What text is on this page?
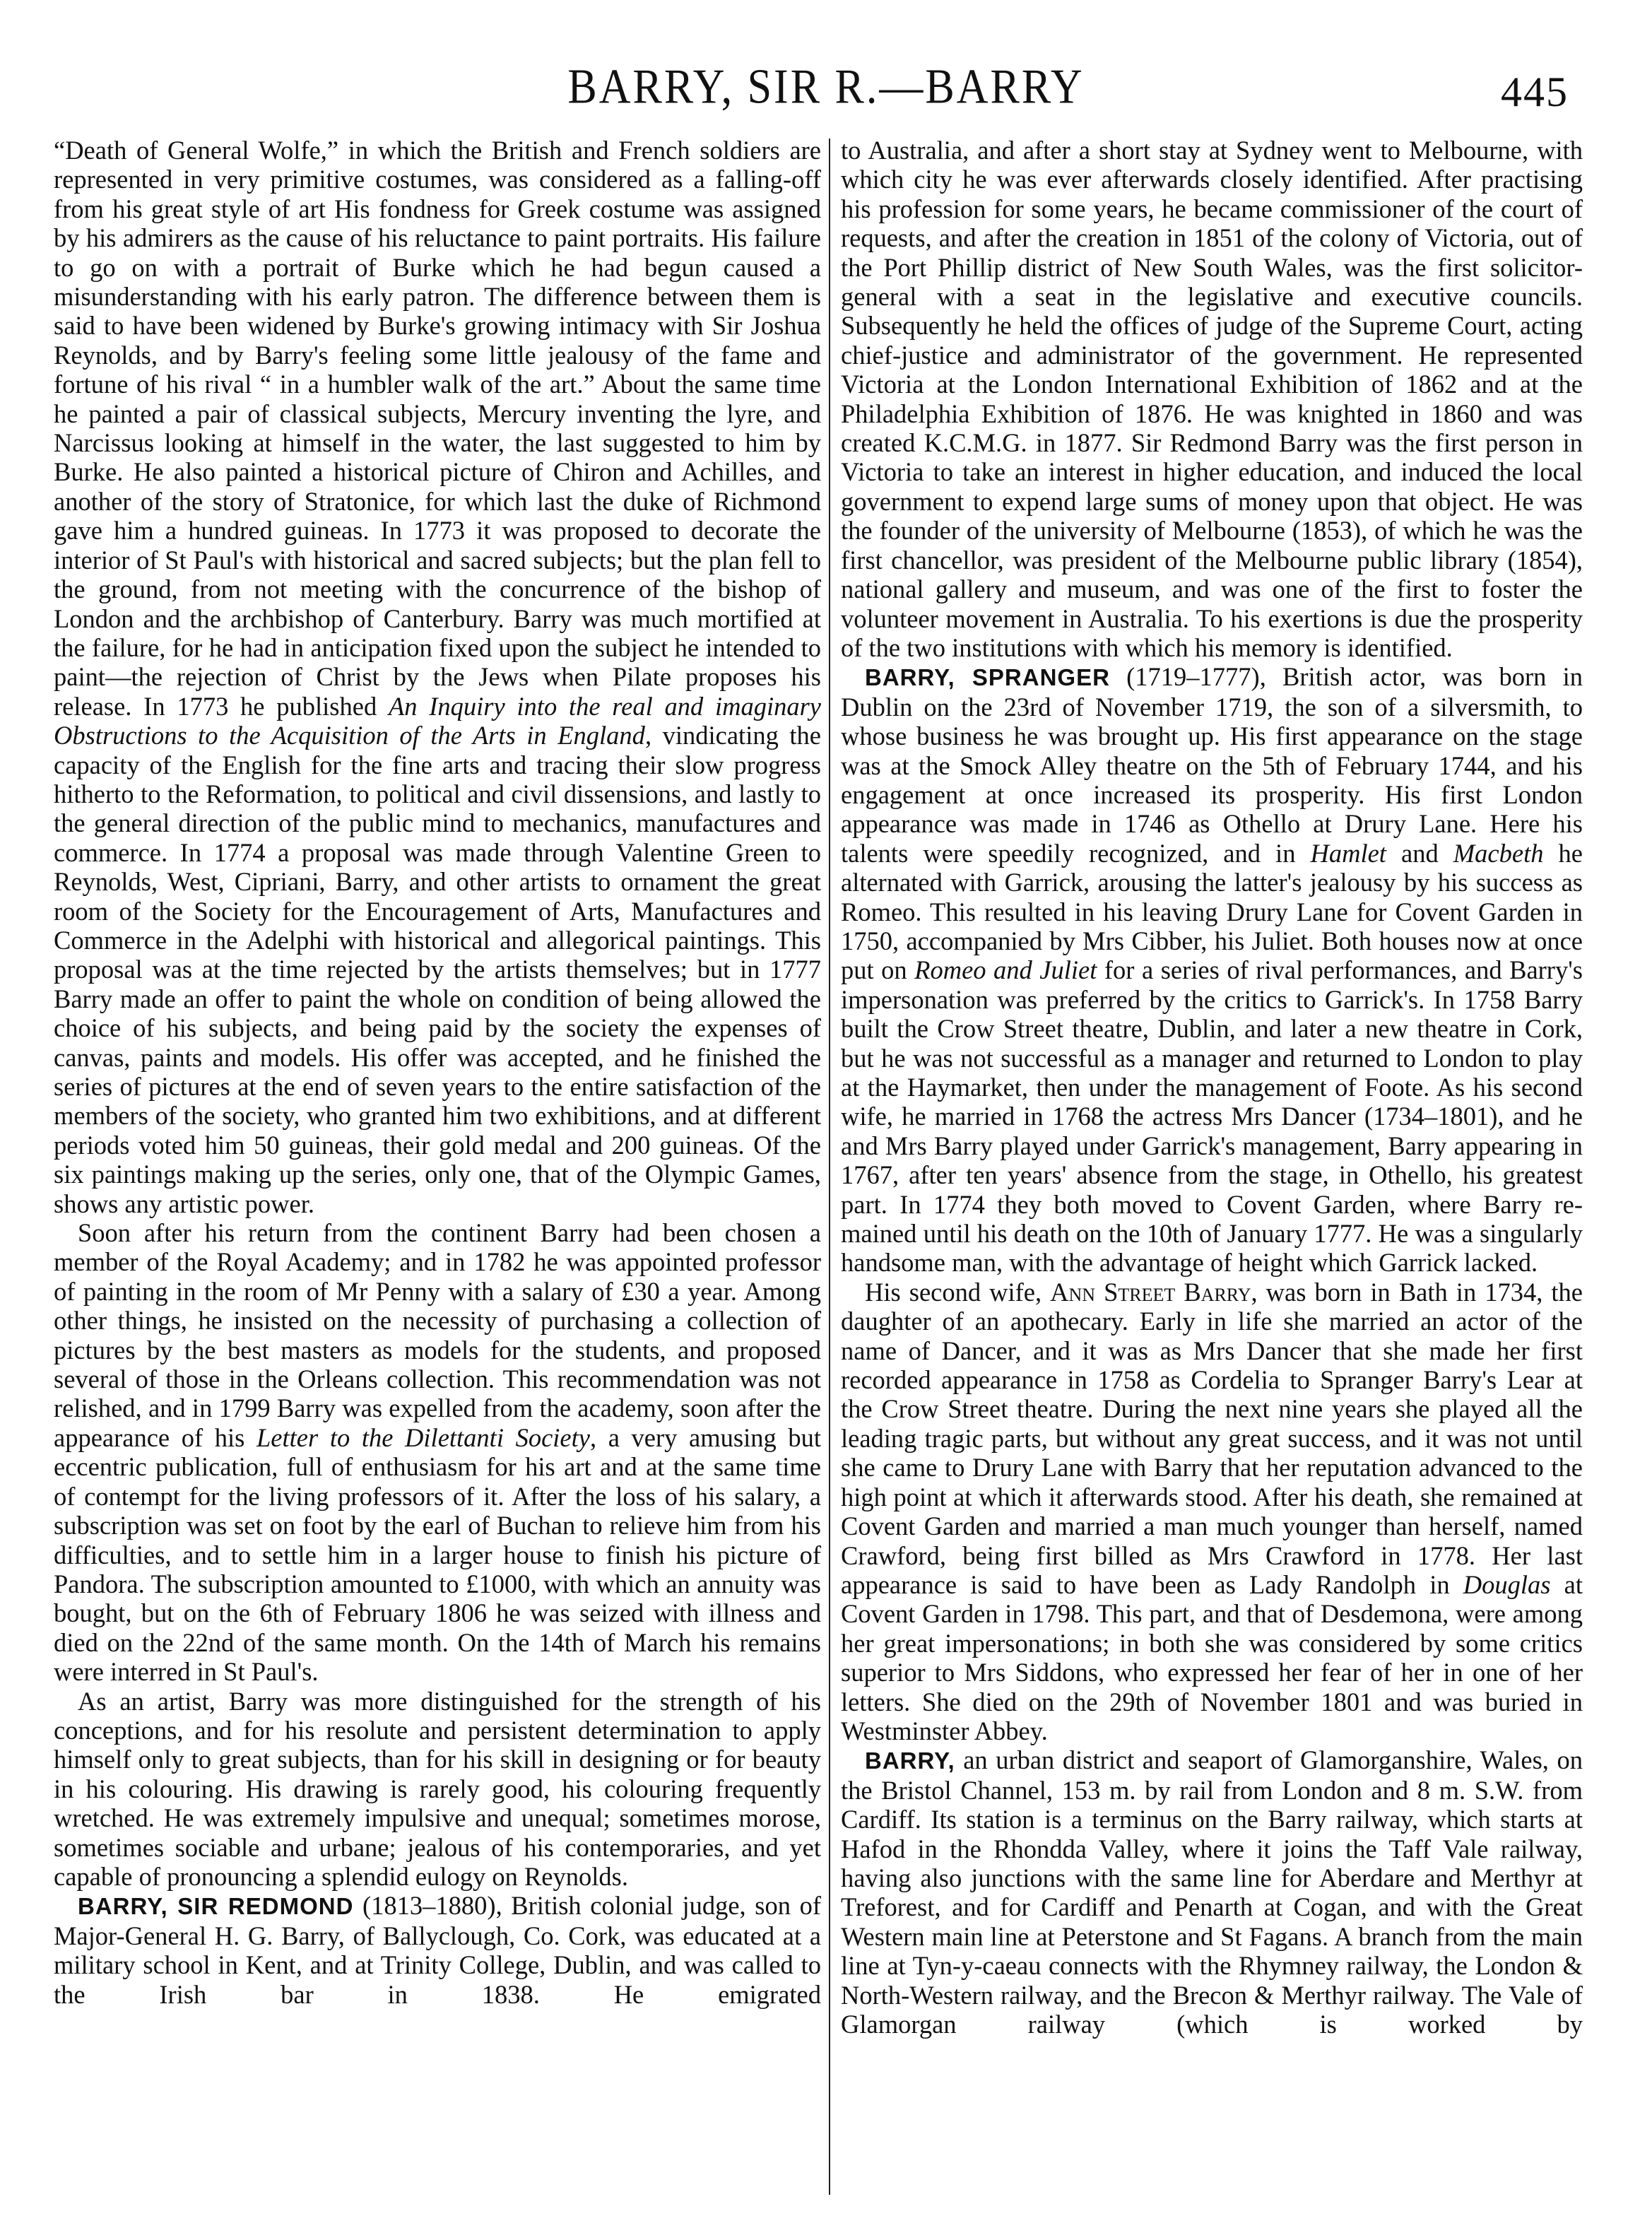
BARRY, SIR R.—BARRY	445

“Death of General Wolfe,” in which the British and French soldiers are represented in very primitive costumes, was considered as a falling-off from his great style of art His fondness for Greek costume was assigned by his admirers as the cause of his reluctance to paint portraits. His failure to go on with a portrait of Burke which he had begun caused a misunderstanding with his early patron. The difference between them is said to have been widened by Burke's growing intimacy with Sir Joshua Reynolds, and by Barry's feeling some little jealousy of the fame and fortune of his rival “ in a humbler walk of the art.” About the same time he painted a pair of classical subjects, Mercury inventing the lyre, and Narcissus looking at himself in the water, the last suggested to him by Burke. He also painted a historical picture of Chiron and Achilles, and another of the story of Stratonice, for which last the duke of Richmond gave him a hundred guineas. In 1773 it was proposed to decorate the interior of St Paul's with historical and sacred subjects; but the plan fell to the ground, from not meeting with the concurrence of the bishop of London and the archbishop of Canterbury. Barry was much mortified at the failure, for he had in anticipation fixed upon the subject he intended to paint—the rejection of Christ by the Jews when Pilate proposes his release. In 1773 he published An Inquiry into the real and imaginary Obstructions to the Acquisition of the Arts in England, vindicating the capacity of the English for the fine arts and tracing their slow progress hitherto to the Reformation, to political and civil dissensions, and lastly to the general direction of the public mind to mechanics, manufactures and commerce. In 1774 a proposal was made through Valentine Green to Reynolds, West, Cipriani, Barry, and other artists to ornament the great room of the Society for the Encouragement of Arts, Manufactures and Commerce in the Adelphi with historical and allegorical paintings. This proposal was at the time rejected by the artists themselves; but in 1777 Barry made an offer to paint the whole on condition of being allowed the choice of his subjects, and being paid by the society the expenses of canvas, paints and models. His offer was accepted, and he finished the series of pictures at the end of seven years to the entire satisfaction of the members of the society, who granted him two exhibitions, and at different periods voted him 50 guineas, their gold medal and 200 guineas. Of the six paintings making up the series, only one, that of the Olympic Games, shows any artistic power.

Soon after his return from the continent Barry had been chosen a member of the Royal Academy; and in 1782 he was appointed professor of painting in the room of Mr Penny with a salary of £30 a year. Among other things, he insisted on the necessity of purchasing a collection of pictures by the best masters as models for the students, and proposed several of those in the Orleans collection. This recommendation was not relished, and in 1799 Barry was expelled from the academy, soon after the appearance of his Letter to the Dilettanti Society, a very amusing but eccentric publication, full of enthusiasm for his art and at the same time of contempt for the living professors of it. After the loss of his salary, a subscription was set on foot by the earl of Buchan to relieve him from his difficulties, and to settle him in a larger house to finish his picture of Pandora. The subscription amounted to £1000, with which an annuity was bought, but on the 6th of February 1806 he was seized with illness and died on the 22nd of the same month. On the 14th of March his remains were interred in St Paul's.

As an artist, Barry was more distinguished for the strength of his conceptions, and for his resolute and persistent determination to apply himself only to great subjects, than for his skill in designing or for beauty in his colouring. His drawing is rarely good, his colouring frequently wretched. He was extremely impulsive and unequal; sometimes morose, sometimes sociable and urbane; jealous of his contemporaries, and yet capable of pronouncing a splendid eulogy on Reynolds.

BARRY, SIR REDMOND (1813–1880), British colonial judge, son of Major-General H. G. Barry, of Ballyclough, Co. Cork, was educated at a military school in Kent, and at Trinity College, Dublin, and was called to the Irish bar in 1838. He emigrated

to Australia, and after a short stay at Sydney went to Melbourne, with which city he was ever afterwards closely identified. After practising his profession for some years, he became commissioner of the court of requests, and after the creation in 1851 of the colony of Victoria, out of the Port Phillip district of New South Wales, was the first solicitor-general with a seat in the legislative and executive councils. Subsequently he held the offices of judge of the Supreme Court, acting chief-justice and administrator of the government. He represented Victoria at the London International Exhibition of 1862 and at the Philadelphia Exhibition of 1876. He was knighted in 1860 and was created K.C.M.G. in 1877. Sir Redmond Barry was the first person in Victoria to take an interest in higher education, and induced the local government to expend large sums of money upon that object. He was the founder of the university of Melbourne (1853), of which he was the first chancellor, was president of the Melbourne public library (1854), national gallery and museum, and was one of the first to foster the volunteer movement in Australia. To his exertions is due the prosperity of the two institutions with which his memory is identified.

BARRY, SPRANGER (1719–1777), British actor, was born in Dublin on the 23rd of November 1719, the son of a silversmith, to whose business he was brought up. His first appearance on the stage was at the Smock Alley theatre on the 5th of February 1744, and his engagement at once increased its prosperity. His first London appearance was made in 1746 as Othello at Drury Lane. Here his talents were speedily recognized, and in Hamlet and Macbeth he alternated with Garrick, arousing the latter's jealousy by his success as Romeo. This resulted in his leaving Drury Lane for Covent Garden in 1750, accompanied by Mrs Cibber, his Juliet. Both houses now at once put on Romeo and Juliet for a series of rival performances, and Barry's impersonation was preferred by the critics to Garrick's. In 1758 Barry built the Crow Street theatre, Dublin, and later a new theatre in Cork, but he was not successful as a manager and returned to London to play at the Haymarket, then under the management of Foote. As his second wife, he married in 1768 the actress Mrs Dancer (1734–1801), and he and Mrs Barry played under Garrick's management, Barry appearing in 1767, after ten years' absence from the stage, in Othello, his greatest part. In 1774 they both moved to Covent Garden, where Barry remained until his death on the 10th of January 1777. He was a singularly handsome man, with the advantage of height which Garrick lacked.

His second wife, Ann Street Barry, was born in Bath in 1734, the daughter of an apothecary. Early in life she married an actor of the name of Dancer, and it was as Mrs Dancer that she made her first recorded appearance in 1758 as Cordelia to Spranger Barry's Lear at the Crow Street theatre. During the next nine years she played all the leading tragic parts, but without any great success, and it was not until she came to Drury Lane with Barry that her reputation advanced to the high point at which it afterwards stood. After his death, she remained at Covent Garden and married a man much younger than herself, named Crawford, being first billed as Mrs Crawford in 1778. Her last appearance is said to have been as Lady Randolph in Douglas at Covent Garden in 1798. This part, and that of Desdemona, were among her great impersonations; in both she was considered by some critics superior to Mrs Siddons, who expressed her fear of her in one of her letters. She died on the 29th of November 1801 and was buried in Westminster Abbey.

BARRY, an urban district and seaport of Glamorganshire, Wales, on the Bristol Channel, 153 m. by rail from London and 8 m. S.W. from Cardiff. Its station is a terminus on the Barry railway, which starts at Hafod in the Rhondda Valley, where it joins the Taff Vale railway, having also junctions with the same line for Aberdare and Merthyr at Treforest, and for Cardiff and Penarth at Cogan, and with the Great Western main line at Peterstone and St Fagans. A branch from the main line at Tyn-y-caeau connects with the Rhymney railway, the London & North-Western railway, and the Brecon & Merthyr railway. The Vale of Glamorgan railway (which is worked by
